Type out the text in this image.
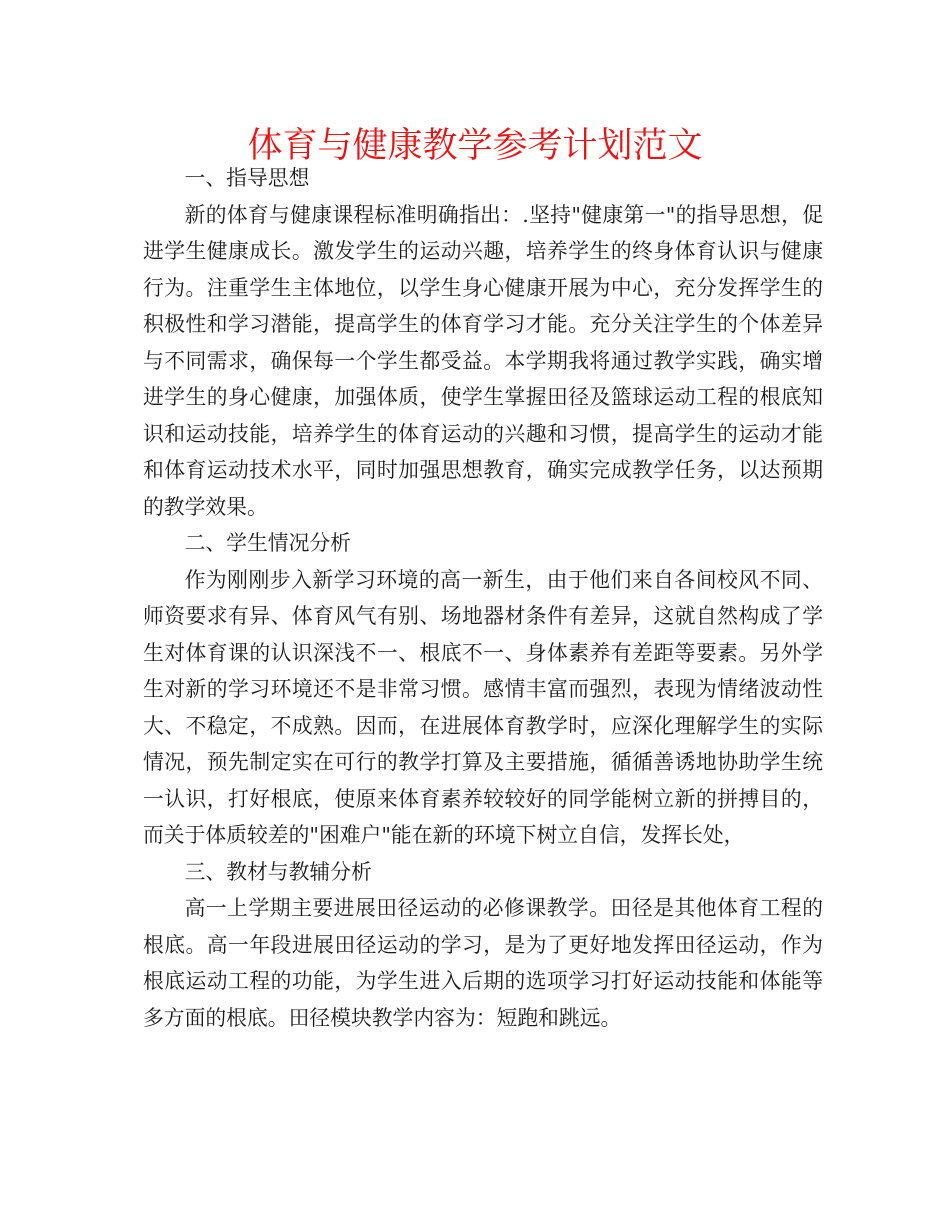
体育与健康教学参考计划范文

一、指导思想

新的体育与健康课程标准明确指出：.坚持"健康第一"的指导思想，促进学生健康成长。激发学生的运动兴趣，培养学生的终身体育认识与健康行为。注重学生主体地位，以学生身心健康开展为中心，充分发挥学生的积极性和学习潜能，提高学生的体育学习才能。充分关注学生的个体差异与不同需求，确保每一个学生都受益。本学期我将通过教学实践，确实增进学生的身心健康，加强体质，使学生掌握田径及篮球运动工程的根底知识和运动技能，培养学生的体育运动的兴趣和习惯，提高学生的运动才能和体育运动技术水平，同时加强思想教育，确实完成教学任务，以达预期的教学效果。

二、学生情况分析

作为刚刚步入新学习环境的高一新生，由于他们来自各间校风不同、师资要求有异、体育风气有别、场地器材条件有差异，这就自然构成了学生对体育课的认识深浅不一、根底不一、身体素养有差距等要素。另外学生对新的学习环境还不是非常习惯。感情丰富而强烈，表现为情绪波动性大、不稳定，不成熟。因而，在进展体育教学时，应深化理解学生的实际情况，预先制定实在可行的教学打算及主要措施，循循善诱地协助学生统一认识，打好根底，使原来体育素养较较好的同学能树立新的拼搏目的，而关于体质较差的"困难户"能在新的环境下树立自信，发挥长处，

三、教材与教辅分析

高一上学期主要进展田径运动的必修课教学。田径是其他体育工程的根底。高一年段进展田径运动的学习，是为了更好地发挥田径运动，作为根底运动工程的功能，为学生进入后期的选项学习打好运动技能和体能等多方面的根底。田径模块教学内容为：短跑和跳远。
